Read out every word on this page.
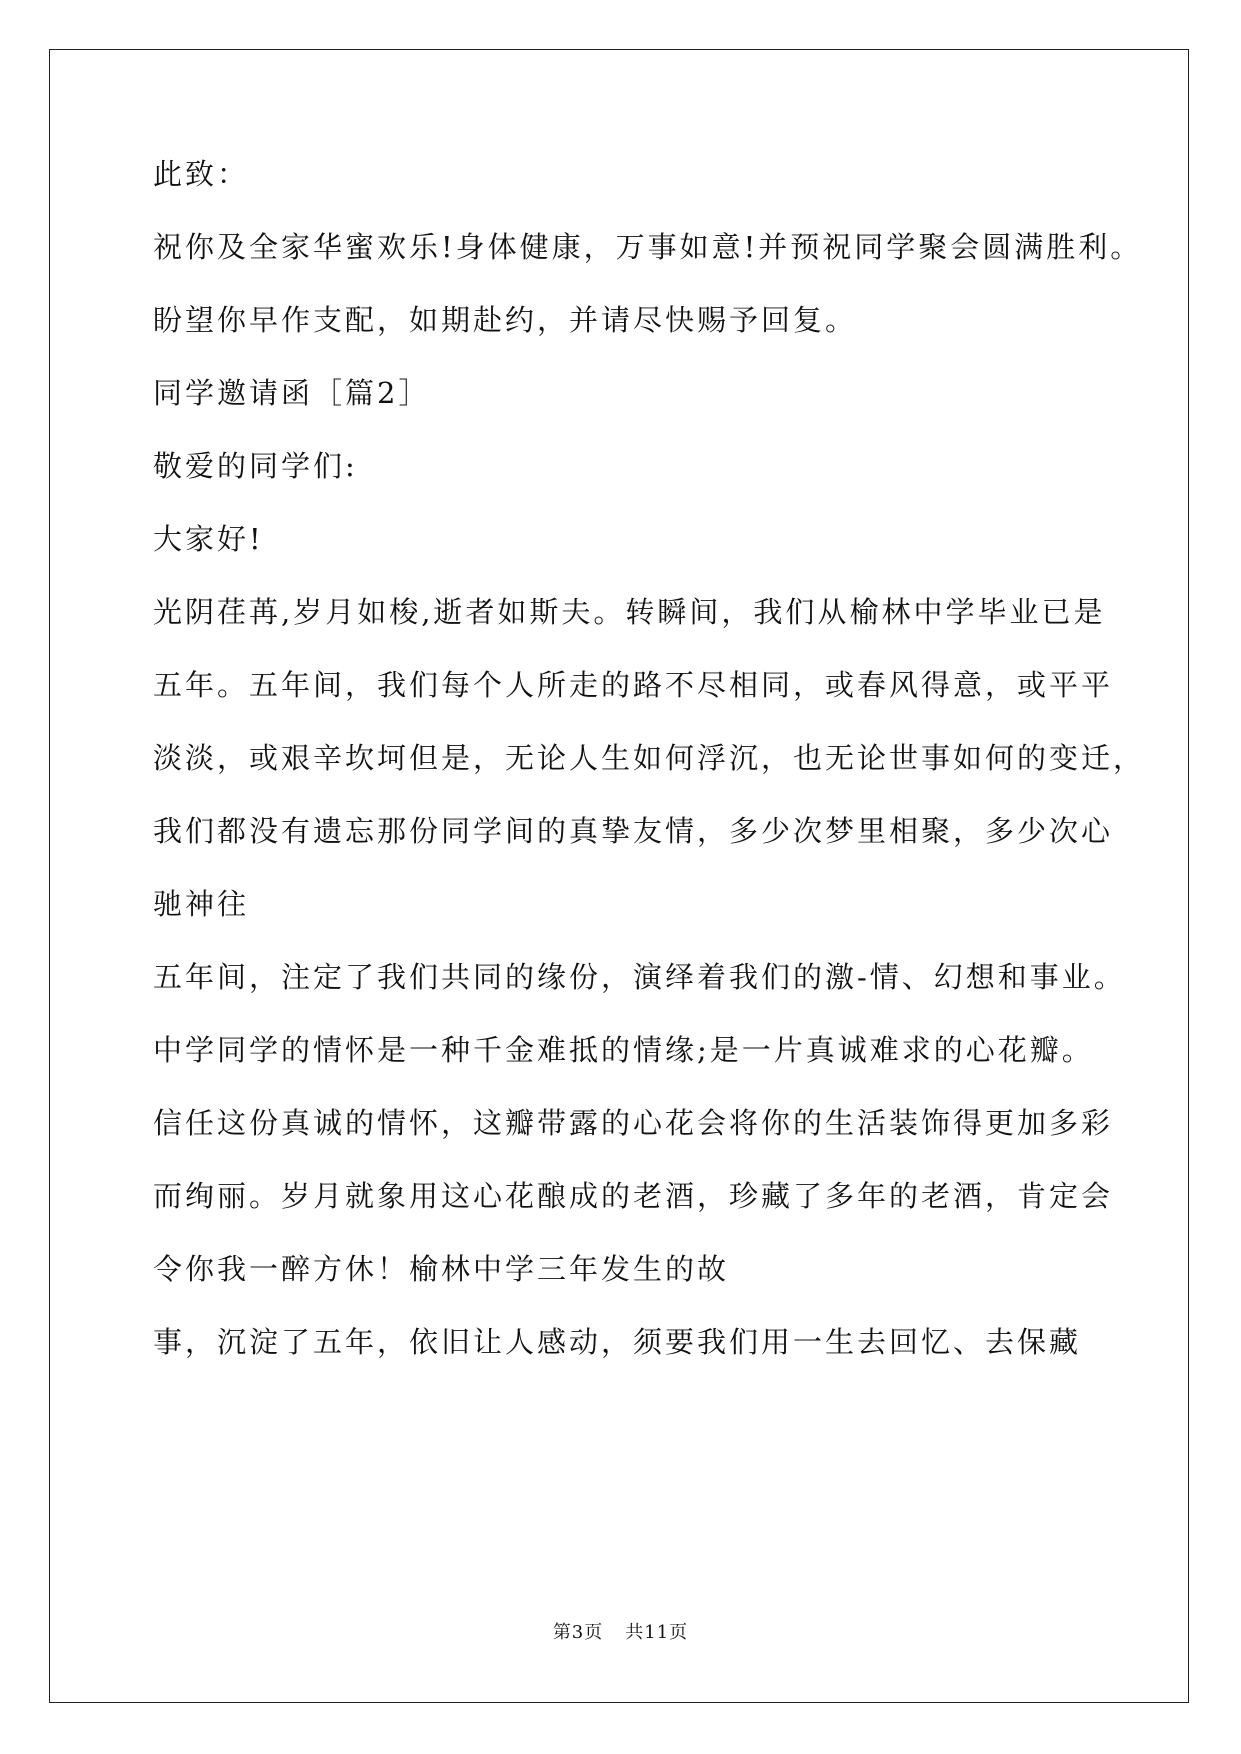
此致：
祝你及全家华蜜欢乐!身体健康，万事如意!并预祝同学聚会圆满胜利。
盼望你早作支配，如期赴约，并请尽快赐予回复。
同学邀请函［篇2］
敬爱的同学们:
大家好!
光阴荏苒,岁月如梭,逝者如斯夫。转瞬间，我们从榆林中学毕业已是
五年。五年间，我们每个人所走的路不尽相同，或春风得意，或平平
淡淡，或艰辛坎坷但是，无论人生如何浮沉，也无论世事如何的变迁，
我们都没有遗忘那份同学间的真挚友情，多少次梦里相聚，多少次心
驰神往
五年间，注定了我们共同的缘份，演绎着我们的激-情、幻想和事业。
中学同学的情怀是一种千金难抵的情缘;是一片真诚难求的心花瓣。
信任这份真诚的情怀，这瓣带露的心花会将你的生活装饰得更加多彩
而绚丽。岁月就象用这心花酿成的老酒，珍藏了多年的老酒，肯定会
令你我一醉方休！榆林中学三年发生的故
事，沉淀了五年，依旧让人感动，须要我们用一生去回忆、去保藏
第3页 共11页
